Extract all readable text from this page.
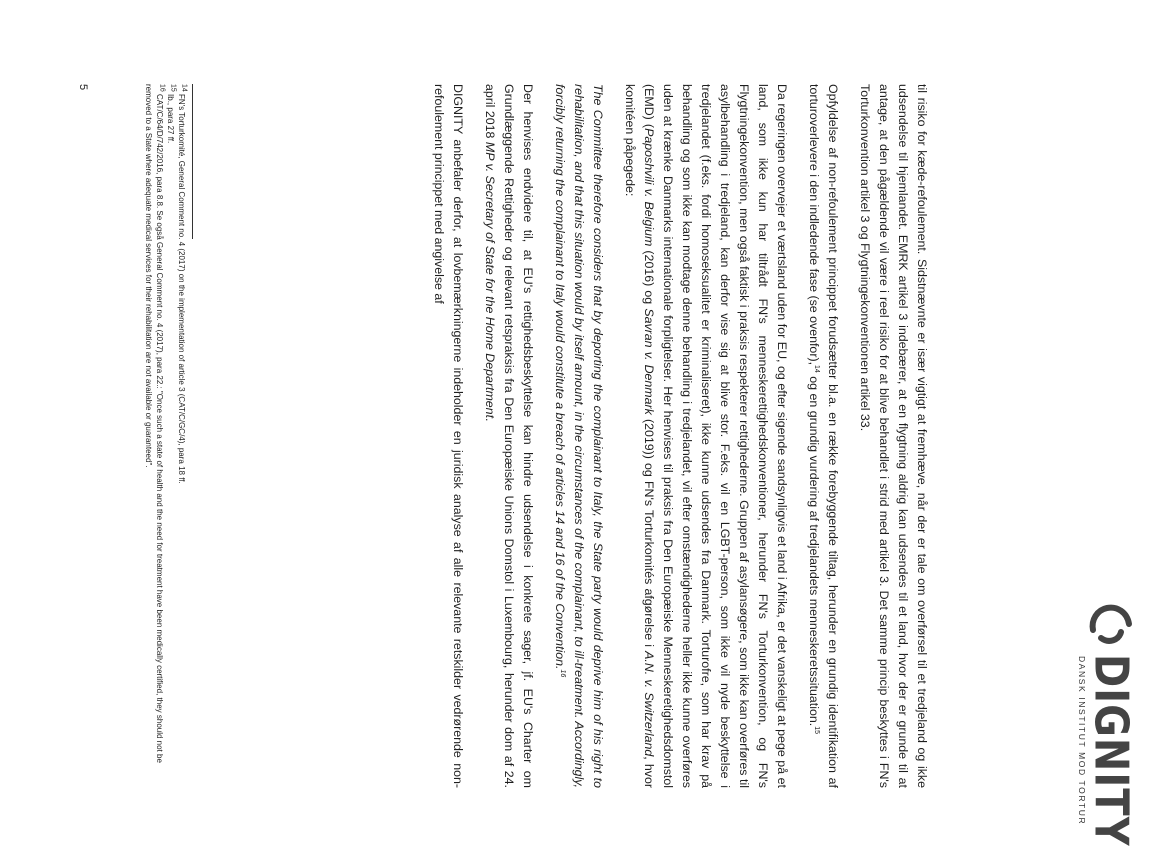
DIGNITY
DANSK INSTITUT MOD TORTUR

til risiko for kæde-refoulement. Sidstnævnte er især vigtigt at fremhæve, når der er tale om overførsel til et tredjeland og ikke udsendelse til hjemlandet. EMRK artikel 3 indebærer, at en flygtning aldrig kan udsendes til et land, hvor der er grunde til at antage, at den pågældende vil være i reel risiko for at blive behandlet i strid med artikel 3. Det samme princip beskyttes i FN's Torturkonvention artikel 3 og Flygtningekonventionen artikel 33.

Opfyldelse af non-refoulement princippet forudsætter bl.a. en række forebyggende tiltag, herunder en grundig identifikation af torturoverlevere i den indledende fase (se ovenfor),$^{14}$ og en grundig vurdering af tredjelandets menneskeretssituation.$^{15}$

Da regeringen overvejer et værtsland uden for EU, og efter sigende sandsynligvis et land i Afrika, er det vanskeligt at pege på et land, som ikke kun har tiltrådt FN's menneskerettighedskonventioner, herunder FN's Torturkonvention, og FN's Flygtningekonvention, men også faktisk i praksis respekterer rettighederne. Gruppen af asylansøgere, som ikke kan overføres til asylbehandling i tredjeland, kan derfor vise sig at blive stor. F.eks. vil en LGBT-person, som ikke vil nyde beskyttelse i tredjelandet (f.eks. fordi homoseksualitet er kriminaliseret), ikke kunne udsendes fra Danmark. Torturofre, som har krav på behandling og som ikke kan modtage denne behandling i tredjelandet, vil efter omstændighederne heller ikke kunne overføres uden at krænke Danmarks internationale forpligtelser. Her henvises til praksis fra Den Europæiske Menneskeretighedsdomstol (EMD) (Paposhvili v. Belgium (2016) og Savran v. Denmark (2019)) og FN's Torturkomités afgørelse i A.N. v. Switzerland, hvor komitéen påpegede:

The Committee therefore considers that by deporting the complainant to Italy, the State party would deprive him of his right to rehabilitation, and that this situation would by itself amount, in the circumstances of the complainant, to ill-treatment. Accordingly, forcibly returning the complainant to Italy would constitute a breach of articles 14 and 16 of the Convention.$^{16}$

Der henvises endvidere til, at EU's rettighedsbeskyttelse kan hindre udsendelse i konkrete sager, jf. EU's Charter om Grundlæggende Rettigheder og relevant retspraksis fra Den Europæiske Unions Domstol i Luxembourg, herunder dom af 24. april 2018 MP v. Secretary of State for the Home Department.

DIGNITY anbefaler derfor, at lovbemærkningerne indeholder en juridisk analyse af alle relevante retskilder vedrørende non-refoulement princippet med angivelse af

$^{14}$ FN's Torturkomité, General Comment no. 4 (2017) on the implementation of article 3 (CAT/C/GC/4), para 18 ff.

$^{15}$ Ib., para 27 ff.

$^{16}$ CAT/C/64/D/742/2016, para 8.8. Se også General Comment no. 4 (2017), para 22.: "Once such a state of health and the need for treatment have been medically certified, they should not be removed to a State where adequate medical services for their rehabilitation are not available or guaranteed".

5
